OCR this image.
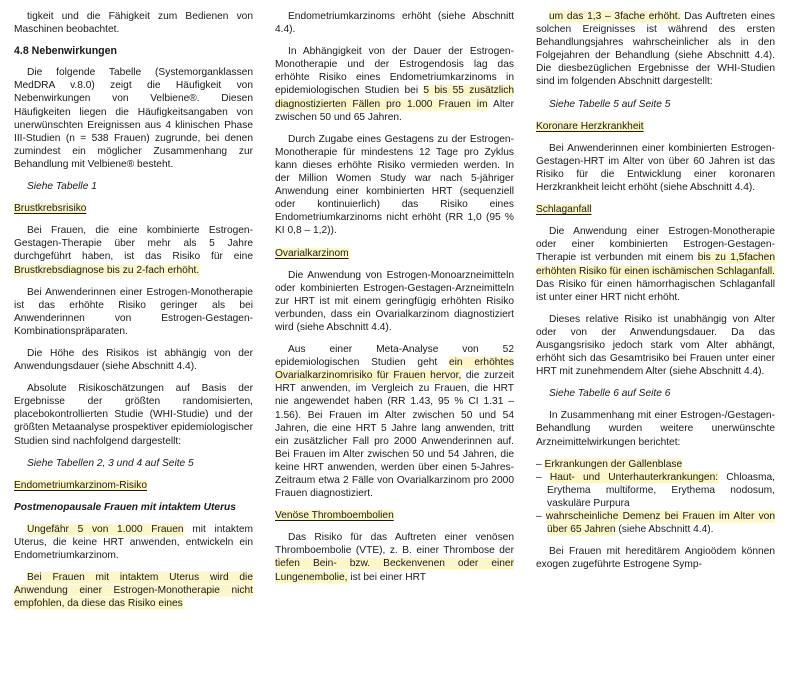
tigkeit und die Fähigkeit zum Bedienen von Maschinen beobachtet.

4.8 Nebenwirkungen

Die folgende Tabelle (Systemorganklassen MedDRA v.8.0) zeigt die Häufigkeit von Nebenwirkungen von Velbiene®. Diesen Häufigkeiten liegen die Häufigkeitsangaben von unerwünschten Ereignissen aus 4 klinischen Phase III-Studien (n = 538 Frauen) zugrunde, bei denen zumindest ein möglicher Zusammenhang zur Behandlung mit Velbiene® besteht.

Siehe Tabelle 1

Brustkrebsrisiko

Bei Frauen, die eine kombinierte Estrogen-Gestagen-Therapie über mehr als 5 Jahre durchgeführt haben, ist das Risiko für eine Brustkrebsdiagnose bis zu 2-fach erhöht.

Bei Anwenderinnen einer Estrogen-Monotherapie ist das erhöhte Risiko geringer als bei Anwenderinnen von Estrogen-Gestagen-Kombinationspräparaten.

Die Höhe des Risikos ist abhängig von der Anwendungsdauer (siehe Abschnitt 4.4).

Absolute Risikoschätzungen auf Basis der Ergebnisse der größten randomisierten, placebokontrollierten Studie (WHI-Studie) und der größten Metaanalyse prospektiver epidemiologischer Studien sind nachfolgend dargestellt:

Siehe Tabellen 2, 3 und 4 auf Seite 5

Endometriumkarzinom-Risiko

Postmenopausale Frauen mit intaktem Uterus

Ungefähr 5 von 1.000 Frauen mit intaktem Uterus, die keine HRT anwenden, entwickeln ein Endometriumkarzinom.

Bei Frauen mit intaktem Uterus wird die Anwendung einer Estrogen-Monotherapie nicht empfohlen, da diese das Risiko eines

Endometriumkarzinoms erhöht (siehe Abschnitt 4.4).

In Abhängigkeit von der Dauer der Estrogen-Monotherapie und der Estrogendosis lag das erhöhte Risiko eines Endometriumkarzinoms in epidemiologischen Studien bei 5 bis 55 zusätzlich diagnostizierten Fällen pro 1.000 Frauen im Alter zwischen 50 und 65 Jahren.

Durch Zugabe eines Gestagens zu der Estrogen-Monotherapie für mindestens 12 Tage pro Zyklus kann dieses erhöhte Risiko vermieden werden. In der Million Women Study war nach 5-jähriger Anwendung einer kombinierten HRT (sequenziell oder kontinuierlich) das Risiko eines Endometriumkarzinoms nicht erhöht (RR 1,0 (95 % KI 0,8 – 1,2)).

Ovarialkarzinom

Die Anwendung von Estrogen-Monoarzneimitteln oder kombinierten Estrogen-Gestagen-Arzneimitteln zur HRT ist mit einem geringfügig erhöhten Risiko verbunden, dass ein Ovarialkarzinom diagnostiziert wird (siehe Abschnitt 4.4).

Aus einer Meta-Analyse von 52 epidemiologischen Studien geht ein erhöhtes Ovarialkarzinomrisiko für Frauen hervor, die zurzeit HRT anwenden, im Vergleich zu Frauen, die HRT nie angewendet haben (RR 1.43, 95 % CI 1.31 – 1.56). Bei Frauen im Alter zwischen 50 und 54 Jahren, die eine HRT 5 Jahre lang anwenden, tritt ein zusätzlicher Fall pro 2000 Anwenderinnen auf. Bei Frauen im Alter zwischen 50 und 54 Jahren, die keine HRT anwenden, werden über einen 5-Jahres-Zeitraum etwa 2 Fälle von Ovarialkarzinom pro 2000 Frauen diagnostiziert.

Venöse Thromboembolien

Das Risiko für das Auftreten einer venösen Thromboembolie (VTE), z. B. einer Thrombose der tiefen Bein- bzw. Beckenvenen oder einer Lungenembolie, ist bei einer HRT

um das 1,3 – 3fache erhöht. Das Auftreten eines solchen Ereignisses ist während des ersten Behandlungsjahres wahrscheinlicher als in den Folgejahren der Behandlung (siehe Abschnitt 4.4). Die diesbezüglichen Ergebnisse der WHI-Studien sind im folgenden Abschnitt dargestellt:

Siehe Tabelle 5 auf Seite 5

Koronare Herzkrankheit

Bei Anwenderinnen einer kombinierten Estrogen-Gestagen-HRT im Alter von über 60 Jahren ist das Risiko für die Entwicklung einer koronaren Herzkrankheit leicht erhöht (siehe Abschnitt 4.4).

Schlaganfall

Die Anwendung einer Estrogen-Monotherapie oder einer kombinierten Estrogen-Gestagen-Therapie ist verbunden mit einem bis zu 1,5fachen erhöhten Risiko für einen ischämischen Schlaganfall. Das Risiko für einen hämorrhagischen Schlaganfall ist unter einer HRT nicht erhöht.

Dieses relative Risiko ist unabhängig von Alter oder von der Anwendungsdauer. Da das Ausgangsrisiko jedoch stark vom Alter abhängt, erhöht sich das Gesamtrisiko bei Frauen unter einer HRT mit zunehmendem Alter (siehe Abschnitt 4.4).

Siehe Tabelle 6 auf Seite 6

In Zusammenhang mit einer Estrogen-/Gestagen-Behandlung wurden weitere unerwünschte Arzneimittelwirkungen berichtet:

– Erkrankungen der Gallenblase
– Haut- und Unterhauterkrankungen: Chloasma, Erythema multiforme, Erythema nodosum, vaskuläre Purpura
– wahrscheinliche Demenz bei Frauen im Alter von über 65 Jahren (siehe Abschnitt 4.4).

Bei Frauen mit hereditärem Angioödem können exogen zugeführte Estrogene Symp-
